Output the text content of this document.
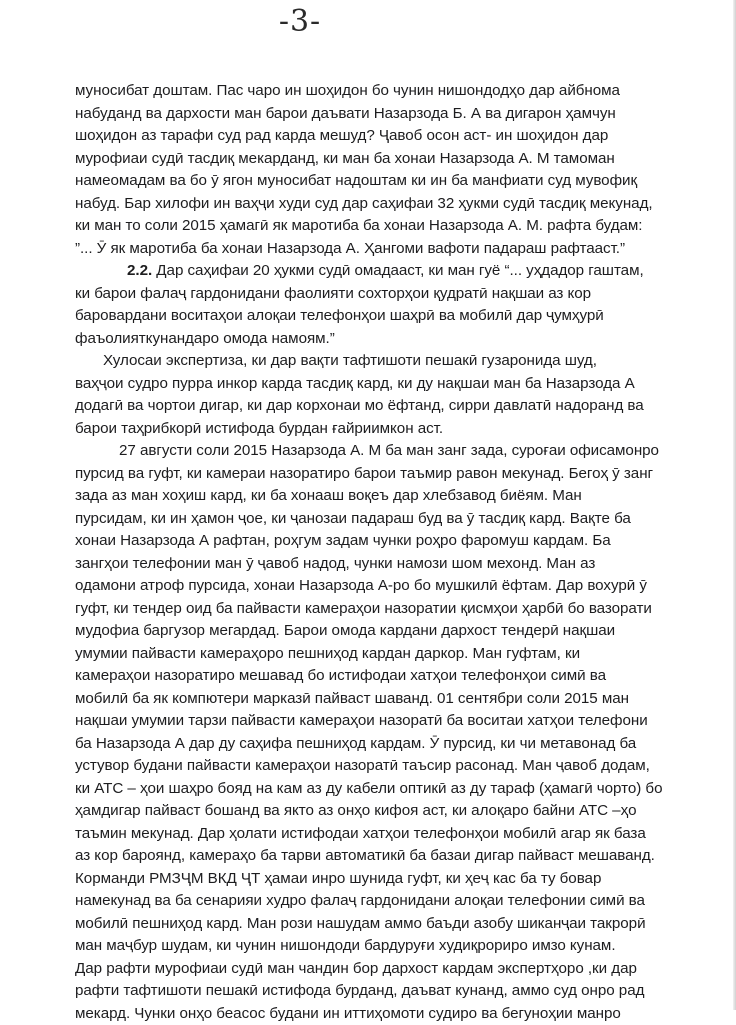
-3-
муносибат доштам. Пас чаро ин шоҳидон бо чунин нишондодҳо дар айбнома
набуданд ва дархости ман барои даъвати Назарзода Б. А ва дигарон ҳамчун
шоҳидон аз тарафи суд рад карда мешуд? Ҷавоб осон аст- ин шоҳидон дар
мурофиаи судӣ тасдиқ мекарданд, ки ман ба хонаи Назарзода А. М тамоман
намеомадам ва бо ӯ ягон муносибат надоштам ки ин ба манфиати суд мувофиқ
набуд. Бар хилофи ин ваҳҷи худи суд дар саҳифаи 32 ҳукми судӣ тасдиқ мекунад,
ки ман то соли 2015 ҳамагӣ як маротиба ба хонаи Назарзода А. М. рафта будам:
”... Ӯ як маротиба ба хонаи Назарзода А. Ҳангоми вафоти падараш рафтааст.”
2.2. Дар саҳифаи 20 ҳукми судӣ омадааст, ки ман гуё “... уҳдадор гаштам,
ки барои фалаҷ гардонидани фаолияти сохторҳои қудратӣ нақшаи аз кор
баровардани воситаҳои алоқаи телефонҳои шаҳрӣ ва мобилӣ дар ҷумҳурӣ
фаъолияткунандаро омода намоям.”
Хулосаи экспертиза, ки дар вақти тафтишоти пешакӣ гузаронида шуд,
ваҳҷои судро пурра инкор карда тасдиқ кард, ки ду нақшаи ман ба Назарзода А
додагӣ ва чортои дигар, ки дар корхонаи мо ёфтанд, сирри давлатӣ надоранд ва
барои таҳрибкорӣ истифода бурдан ғайриимкон аст.
27 августи соли 2015 Назарзода А. М ба ман занг зада, суроғаи офисамонро
пурсид ва гуфт, ки камераи назоратиро барои таъмир равон мекунад. Бегоҳ ӯ занг
зада аз ман хоҳиш кард, ки ба хонааш воқеъ дар хлебзавод биёям. Ман
пурсидам, ки ин ҳамон ҷое, ки ҷанозаи падараш буд ва ӯ тасдиқ кард. Вақте ба
хонаи Назарзода А рафтан, роҳгум задам чунки роҳро фаромуш кардам. Ба
зангҳои телефонии ман ӯ ҷавоб надод, чунки намози шом мехонд. Ман аз
одамони атроф пурсида, хонаи Назарзода А-ро бо мушкилӣ ёфтам. Дар вохурӣ ӯ
гуфт, ки тендер оид ба пайвасти камераҳои назоратии қисмҳои ҳарбӣ бо вазорати
мудофиа баргузор мегардад. Барои омода кардани дархост тендерӣ нақшаи
умумии пайвасти камераҳоро пешниҳод кардан даркор. Ман гуфтам, ки
камераҳои назоратиро мешавад бо истифодаи хатҳои телефонҳои симӣ ва
мобилӣ ба як компютери марказӣ пайваст шаванд. 01 сентябри соли 2015 ман
нақшаи умумии тарзи пайвасти камераҳои назоратӣ ба воситаи хатҳои телефони
ба Назарзода А дар ду саҳифа пешниҳод кардам. Ӯ пурсид, ки чи метавонад ба
устувор будани пайвасти камераҳои назоратӣ таъсир расонад. Ман ҷавоб додам,
ки АТС – ҳои шаҳро бояд на кам аз ду кабели оптикӣ аз ду тараф (ҳамагӣ чорто) бо
ҳамдигар пайваст бошанд ва якто аз онҳо кифоя аст, ки алоқаро байни АТС –ҳо
таъмин мекунад. Дар ҳолати истифодаи хатҳои телефонҳои мобилӣ агар як база
аз кор бароянд, камераҳо ба тарви автоматикӣ ба базаи дигар пайваст мешаванд.
Корманди РМЗҶМ ВКД ҶТ ҳамаи инро шунида гуфт, ки ҳеҷ кас ба ту бовар
намекунад ва ба сенарияи худро фалаҷ гардонидани алоқаи телефонии симӣ ва
мобилӣ пешниҳод кард. Ман рози нашудам аммо баъди азобу шиканҷаи такрорӣ
ман маҷбур шудам, ки чунин нишондоди бардуруғи худиқрориро имзо кунам.
Дар рафти мурофиаи судӣ ман чандин бор дархост кардам экспертҳоро ,ки дар
рафти тафтишоти пешакӣ истифода бурданд, даъват кунанд, аммо суд онро рад
мекард. Чунки онҳо беасос будани ин иттиҳомоти судиро ва бегуноҳии манро
